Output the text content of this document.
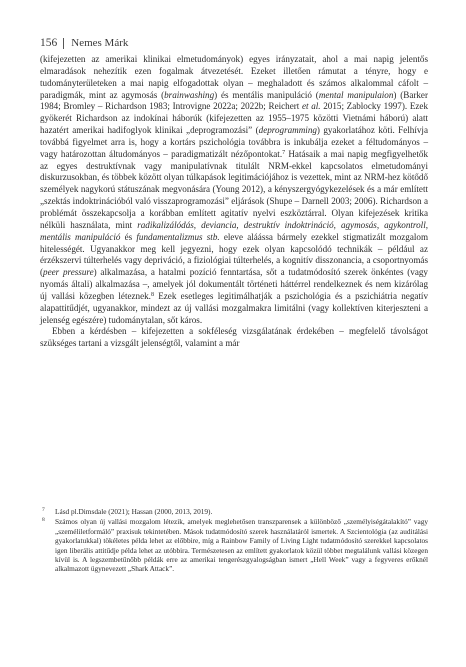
156 Nemes Márk

(kifejezetten az amerikai klinikai elmetudományok) egyes irányzatait, ahol a mai napig jelentős elmaradások nehezítik ezen fogalmak átvezetését. Ezeket illetően rámutat a tényre, hogy e tudományterületeken a mai napig elfogadottak olyan – meghaladott és számos alkalommal cáfolt – paradigmák, mint az agymosás (brainwashing) és mentális manipuláció (mental manipulaion) (Barker 1984; Bromley – Richardson 1983; Introvigne 2022a; 2022b; Reichert et al. 2015; Zablocky 1997). Ezek gyökerét Richardson az indokínai háborúk (kifejezetten az 1955–1975 közötti Vietnámi háború) alatt hazatért amerikai hadifoglyok klinikai „deprogramozási” (deprogramming) gyakorlatához köti. Felhívja továbbá figyelmet arra is, hogy a kortárs pszichológia továbbra is inkubálja ezeket a féltudományos – vagy határozottan áltudományos – paradigmatizált nézőpontokat.$^7$ Hatásaik a mai napig megfigyelhetők az egyes destruktívnak vagy manipulatívnak titulált NRM-ekkel kapcsolatos elmetudományi diskurzusokban, és többek között olyan túlkapások legitimációjához is vezettek, mint az NRM-hez kötődő személyek nagykorú státuszának megvonására (Young 2012), a kényszergyógykezelések és a már említett „szektás indoktrinációból való visszaprogramozási” eljárások (Shupe – Darnell 2003; 2006). Richardson a problémát összekapcsolja a korábban említett agitatív nyelvi eszköztárral. Olyan kifejezések kritika nélküli használata, mint radikalizálódás, deviancia, destruktív indoktrináció, agymosás, agykontroll, mentális manipuláció és fundamentalizmus stb. eleve aláássa bármely ezekkel stigmatizált mozgalom hitelességét. Ugyanakkor meg kell jegyezni, hogy ezek olyan kapcsolódó technikák – például az érzékszervi túlterhelés vagy depriváció, a fiziológiai túlterhelés, a kognitív disszonancia, a csoportnyomás (peer pressure) alkalmazása, a hatalmi pozíció fenntartása, sőt a tudatmódosító szerek önkéntes (vagy nyomás általi) alkalmazása –, amelyek jól dokumentált történeti háttérrel rendelkeznek és nem kizárólag új vallási közegben léteznek.$^8$ Ezek esetleges legitimálhatják a pszichológia és a pszichiátria negatív alapattitűdjét, ugyanakkor, mindezt az új vallási mozgalmakra limitálni (vagy kollektíven kiterjeszteni a jelenség egészére) tudománytalan, sőt káros.

Ebben a kérdésben – kifejezetten a sokféleség vizsgálatának érdekében – megfelelő távolságot szükséges tartani a vizsgált jelenségtől, valamint a már

$^7$	Lásd pl.Dimsdale (2021); Hassan (2000, 2013, 2019).
$^8$	Számos olyan új vallási mozgalom létezik, amelyek meglehetősen transzparensek a különböző „személyiségátalakító” vagy „személiletformáló” praxisuk tekintetében. Mások tudatmódosító szerek használatáról ismertek. A Szcientológia (az auditálási gyakorlatukkal) tökéletes példa lehet az előbbire, míg a Rainbow Family of Living Light tudatmódosító szerekkel kapcsolatos igen liberális attitűdje példa lehet az utóbbira. Természetesen az említett gyakorlatok közül többet megtalálunk vallási közegen kívül is. A legszembetűnőbb példák erre az amerikai tengerészgyalogságban ismert „Hell Week” vagy a fegyveres erőknél alkalmazott ügynevezett „Shark Attack”.
